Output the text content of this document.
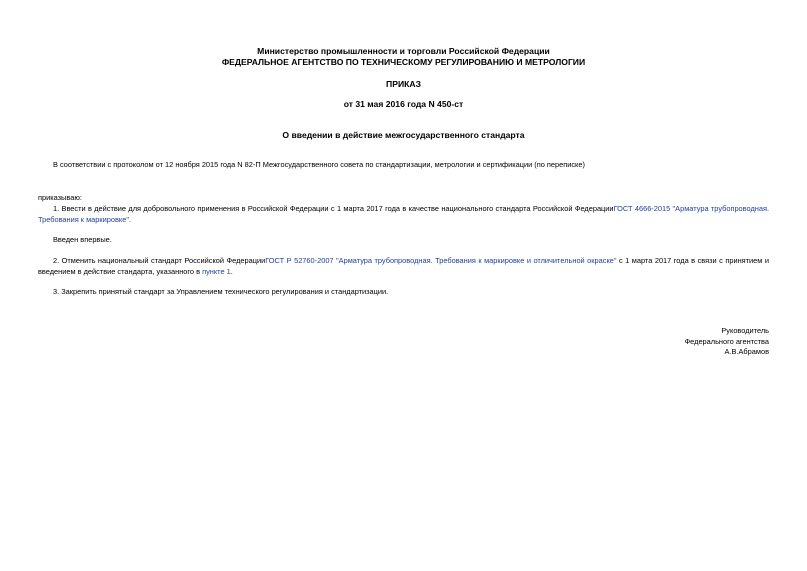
Министерство промышленности и торговли Российской Федерации
ФЕДЕРАЛЬНОЕ АГЕНТСТВО ПО ТЕХНИЧЕСКОМУ РЕГУЛИРОВАНИЮ И МЕТРОЛОГИИ
ПРИКАЗ
от 31 мая 2016 года N 450-ст
О введении в действие межгосударственного стандарта
В соответствии с протоколом от 12 ноября 2015 года N 82-П Межгосударственного совета по стандартизации, метрологии и сертификации (по переписке)
приказываю:
1. Ввести в действие для добровольного применения в Российской Федерации с 1 марта 2017 года в качестве национального стандарта Российской ФедерацииГОСТ 4666-2015 "Арматура трубопроводная. Требования к маркировке".
Введен впервые.
2. Отменить национальный стандарт Российской ФедерацииГОСТ Р 52760-2007 "Арматура трубопроводная. Требования к маркировке и отличительной окраске" с 1 марта 2017 года в связи с принятием и введением в действие стандарта, указанного в пункте 1.
3. Закрепить принятый стандарт за Управлением технического регулирования и стандартизации.
Руководитель
Федерального агентства
А.В.Абрамов
